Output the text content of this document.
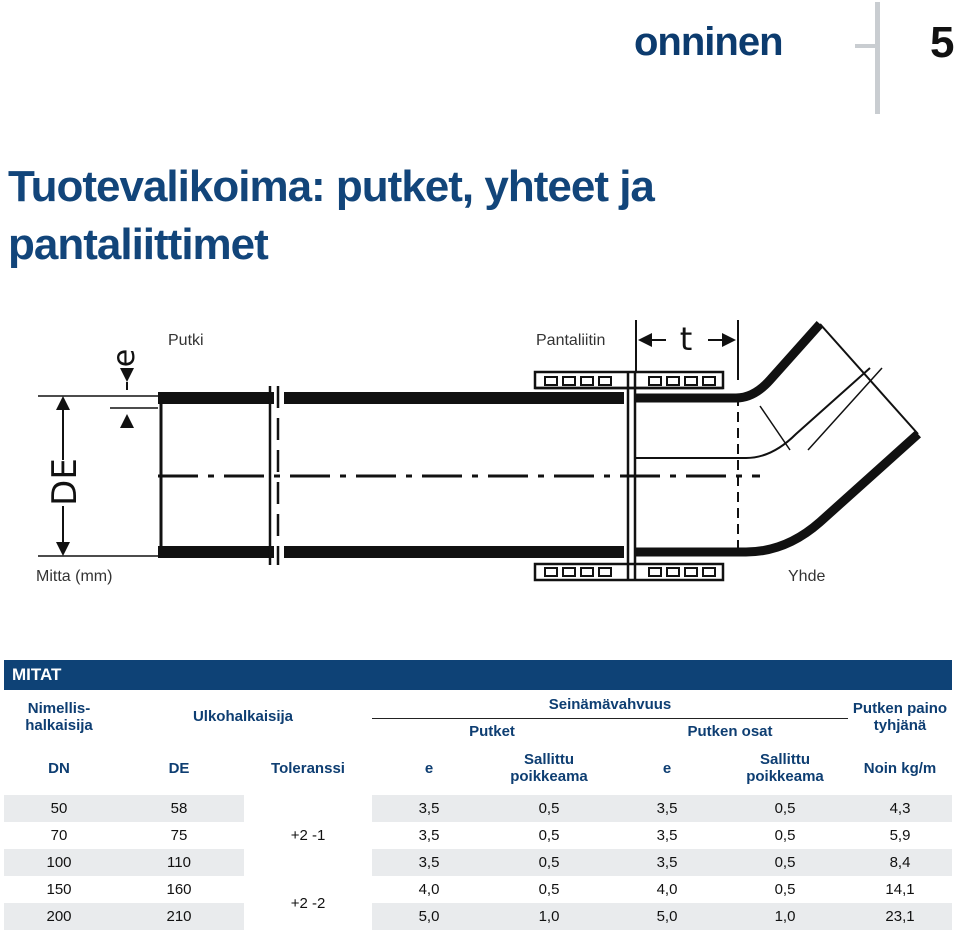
onninen	5
Tuotevalikoima: putket, yhteet ja pantaliittimet
Putki	Pantaliitin
Mitta (mm)	Yhde
DE
e	t
MITAT
Nimellis- halkaisija	Ulkohalkaisija		Seinämävahvuus				Putken paino tyhjänä
			Putket		Putken osat		
DN	DE	Toleranssi	e	Sallittu poikkeama	e	Sallittu poikkeama	Noin kg/m
50	58	+2 -1	3,5	0,5	3,5	0,5	4,3
70	75		3,5	0,5	3,5	0,5	5,9
100	110		3,5	0,5	3,5	0,5	8,4
150	160	+2 -2	4,0	0,5	4,0	0,5	14,1
200	210		5,0	1,0	5,0	1,0	23,1
